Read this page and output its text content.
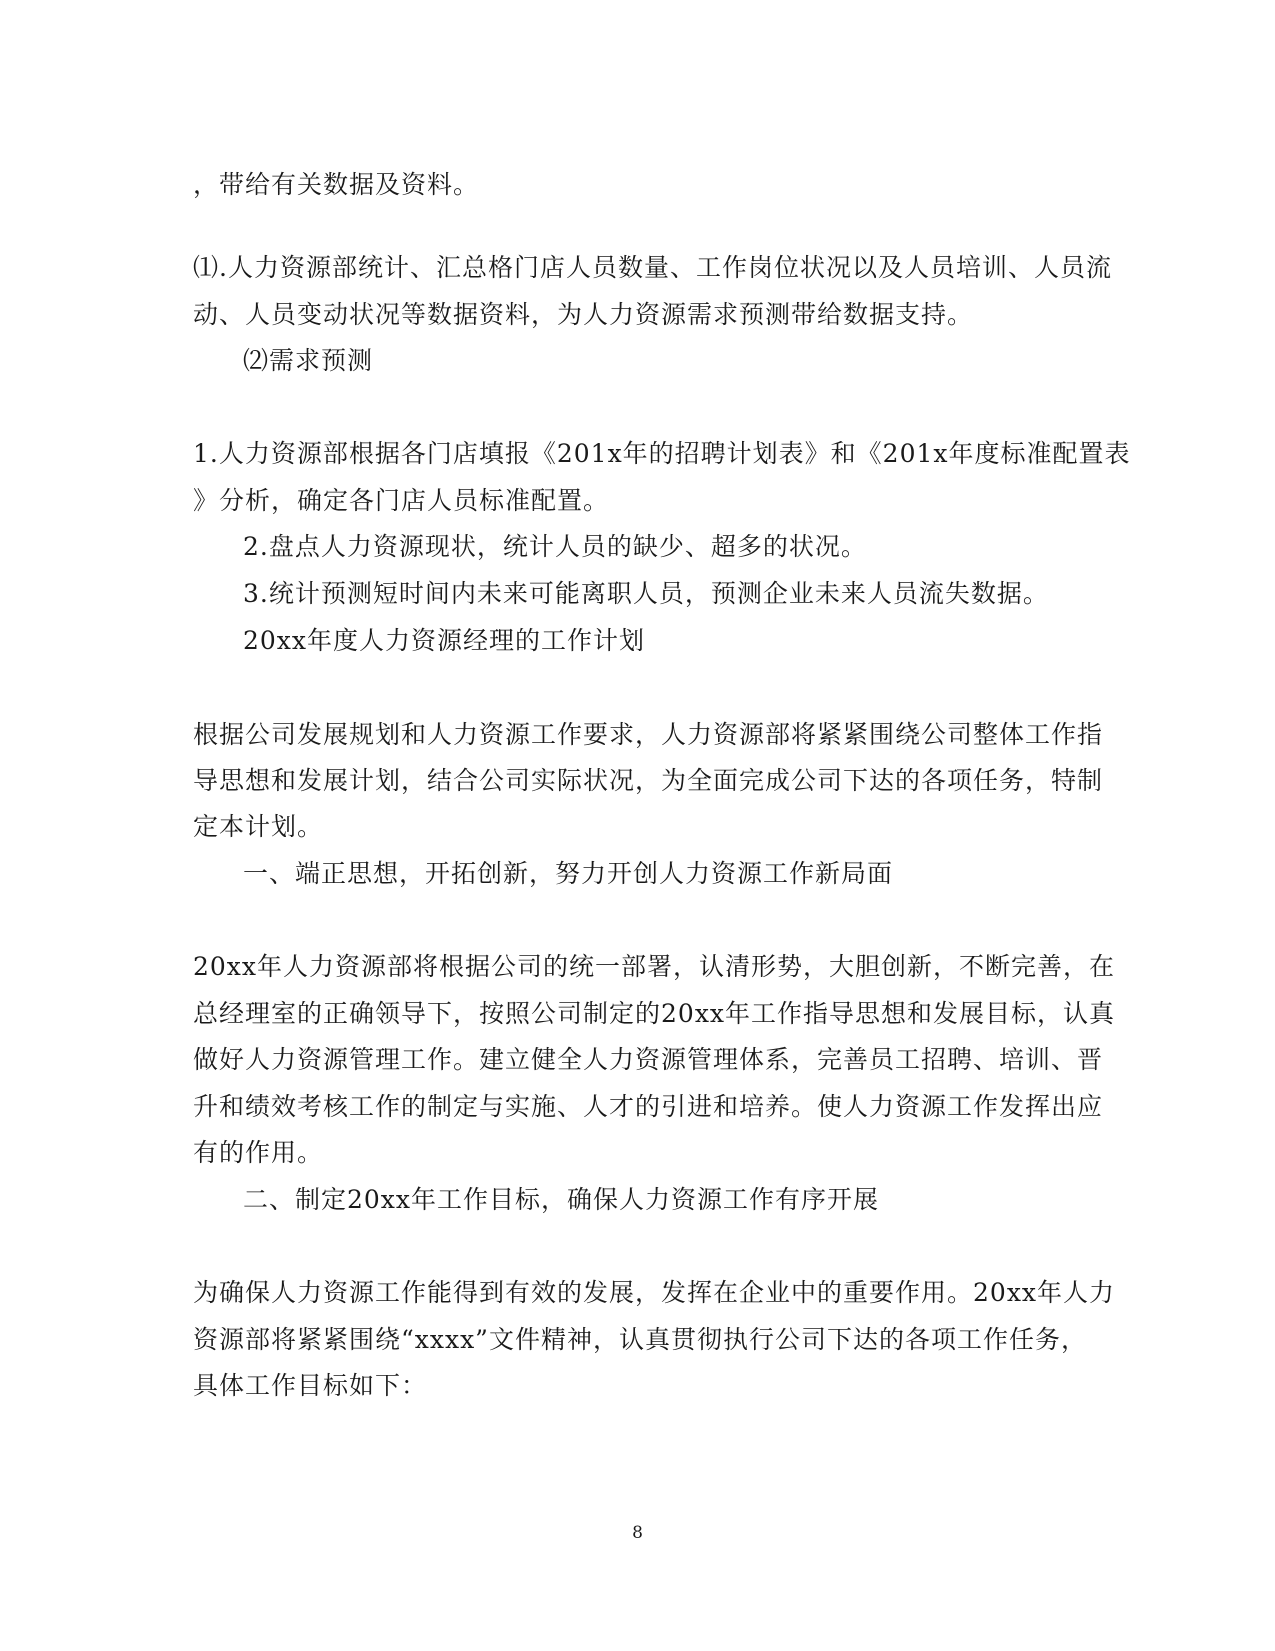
，带给有关数据及资料。
⑴.人力资源部统计、汇总格门店人员数量、工作岗位状况以及人员培训、人员流
动、人员变动状况等数据资料，为人力资源需求预测带给数据支持。
⑵需求预测
1.人力资源部根据各门店填报《201x年的招聘计划表》和《201x年度标准配置表
》分析，确定各门店人员标准配置。
2.盘点人力资源现状，统计人员的缺少、超多的状况。
3.统计预测短时间内未来可能离职人员，预测企业未来人员流失数据。
20xx年度人力资源经理的工作计划
根据公司发展规划和人力资源工作要求，人力资源部将紧紧围绕公司整体工作指
导思想和发展计划，结合公司实际状况，为全面完成公司下达的各项任务，特制
定本计划。
一、端正思想，开拓创新，努力开创人力资源工作新局面
20xx年人力资源部将根据公司的统一部署，认清形势，大胆创新，不断完善，在
总经理室的正确领导下，按照公司制定的20xx年工作指导思想和发展目标，认真
做好人力资源管理工作。建立健全人力资源管理体系，完善员工招聘、培训、晋
升和绩效考核工作的制定与实施、人才的引进和培养。使人力资源工作发挥出应
有的作用。
二、制定20xx年工作目标，确保人力资源工作有序开展
为确保人力资源工作能得到有效的发展，发挥在企业中的重要作用。20xx年人力
资源部将紧紧围绕“xxxx”文件精神，认真贯彻执行公司下达的各项工作任务，
具体工作目标如下：
8
